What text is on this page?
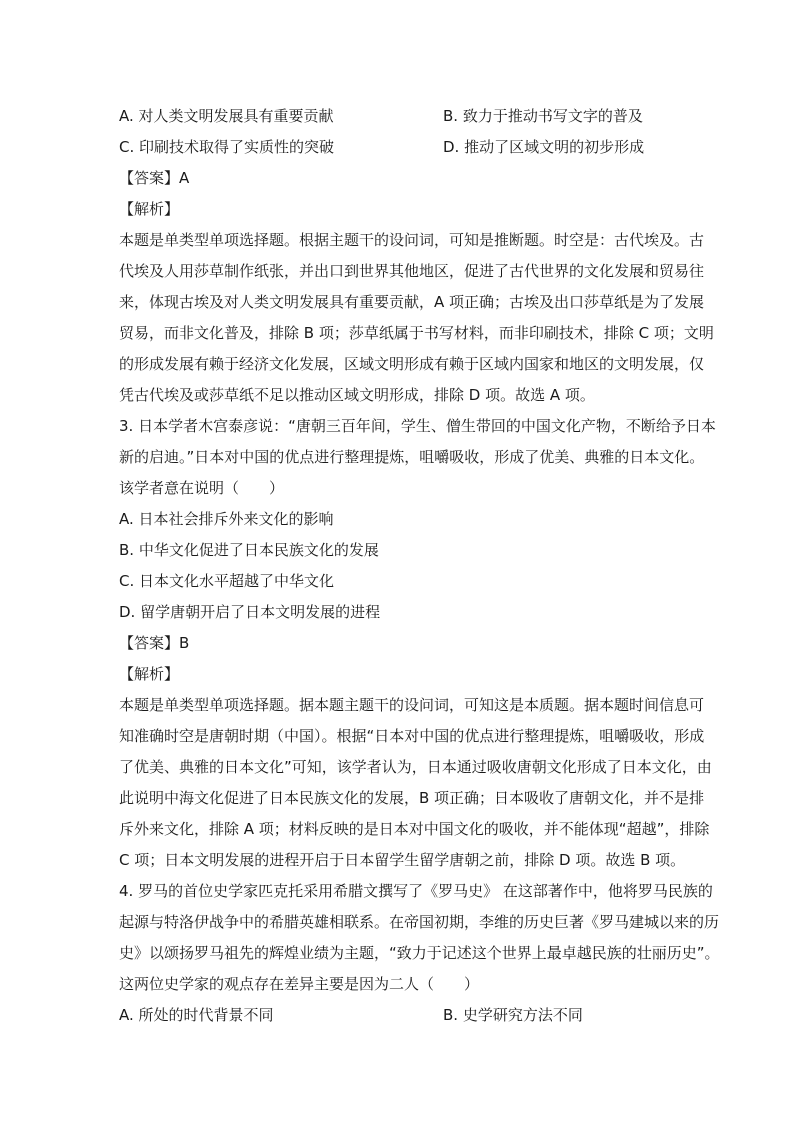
A. 对人类文明发展具有重要贡献	B. 致力于推动书写文字的普及
C. 印刷技术取得了实质性的突破	D. 推动了区域文明的初步形成
【答案】A
【解析】
本题是单类型单项选择题。根据主题干的设问词，可知是推断题。时空是：古代埃及。古
代埃及人用莎草制作纸张，并出口到世界其他地区，促进了古代世界的文化发展和贸易往
来，体现古埃及对人类文明发展具有重要贡献，A 项正确；古埃及出口莎草纸是为了发展
贸易，而非文化普及，排除 B 项；莎草纸属于书写材料，而非印刷技术，排除 C 项；文明
的形成发展有赖于经济文化发展，区域文明形成有赖于区域内国家和地区的文明发展，仅
凭古代埃及或莎草纸不足以推动区域文明形成，排除 D 项。故选 A 项。
3. 日本学者木宫泰彦说：“唐朝三百年间，学生、僧生带回的中国文化产物，不断给予日本
新的启迪。”日本对中国的优点进行整理提炼，咀嚼吸收，形成了优美、典雅的日本文化。
该学者意在说明（　　）
A. 日本社会排斥外来文化的影响
B. 中华文化促进了日本民族文化的发展
C. 日本文化水平超越了中华文化
D. 留学唐朝开启了日本文明发展的进程
【答案】B
【解析】
本题是单类型单项选择题。据本题主题干的设问词，可知这是本质题。据本题时间信息可
知准确时空是唐朝时期（中国）。根据“日本对中国的优点进行整理提炼，咀嚼吸收，形成
了优美、典雅的日本文化”可知，该学者认为，日本通过吸收唐朝文化形成了日本文化，由
此说明中海文化促进了日本民族文化的发展，B 项正确；日本吸收了唐朝文化，并不是排
斥外来文化，排除 A 项；材料反映的是日本对中国文化的吸收，并不能体现“超越”，排除
C 项；日本文明发展的进程开启于日本留学生留学唐朝之前，排除 D 项。故选 B 项。
4. 罗马的首位史学家匹克托采用希腊文撰写了《罗马史》 在这部著作中，他将罗马民族的
起源与特洛伊战争中的希腊英雄相联系。在帝国初期，李维的历史巨著《罗马建城以来的历
史》以颂扬罗马祖先的辉煌业绩为主题，“致力于记述这个世界上最卓越民族的壮丽历史”。
这两位史学家的观点存在差异主要是因为二人（　　）
A. 所处的时代背景不同	B. 史学研究方法不同
